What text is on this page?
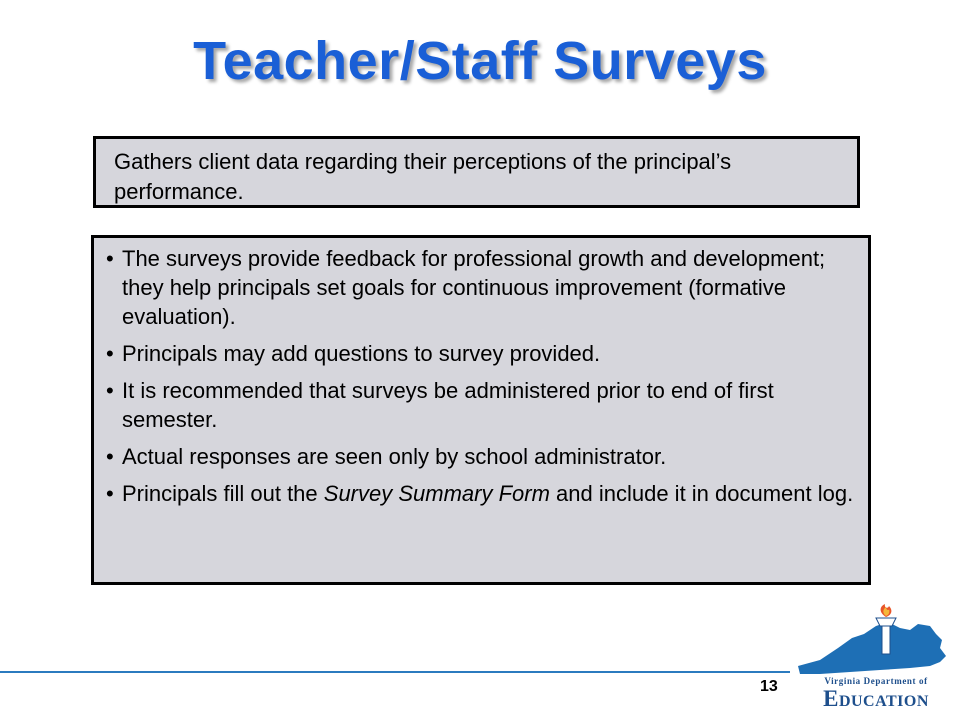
Teacher/Staff Surveys
Gathers client data regarding their perceptions of the principal’s performance.
• The surveys provide feedback for professional growth and development; they help principals set goals for continuous improvement (formative evaluation).
• Principals may add questions to survey provided.
• It is recommended that surveys be administered prior to end of first semester.
• Actual responses are seen only by school administrator.
• Principals fill out the Survey Summary Form and include it in document log.
13	Virginia Department of
Education
